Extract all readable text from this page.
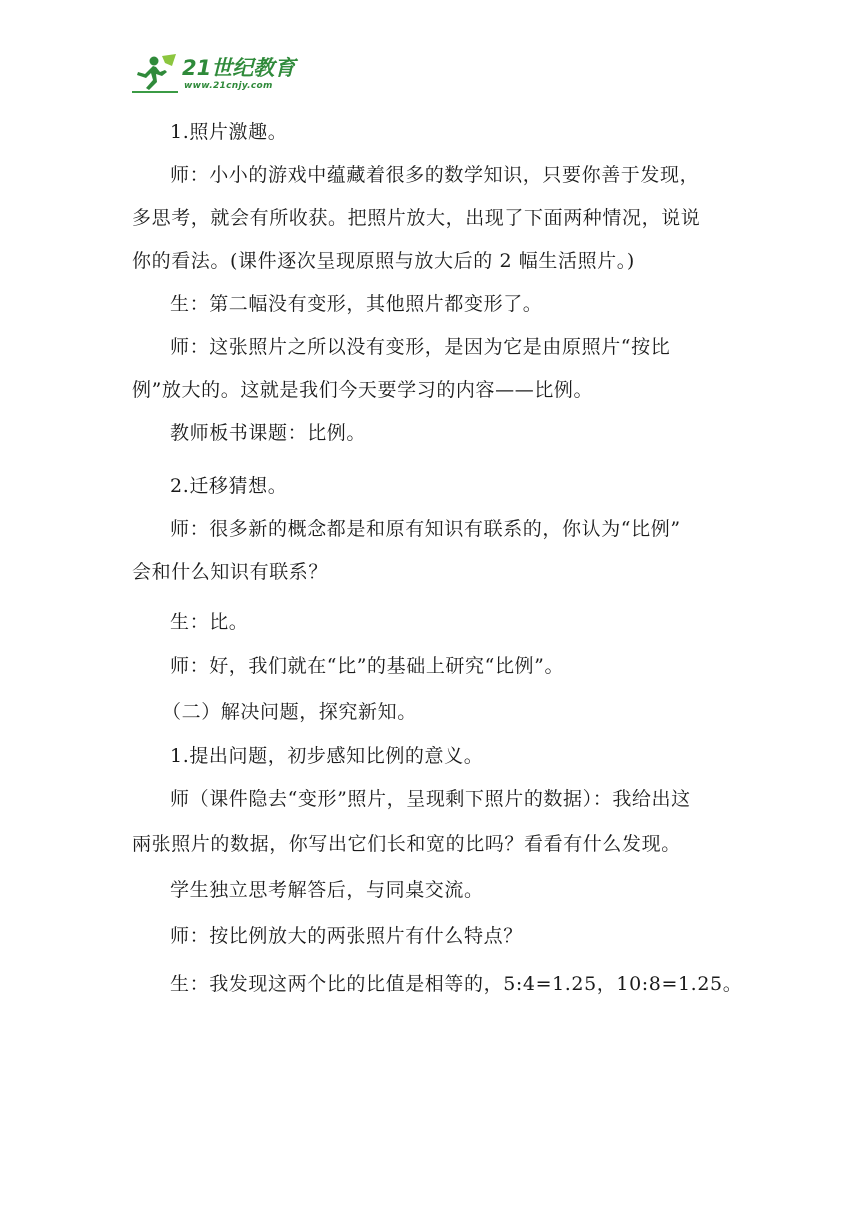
21世纪教育
www.21cnjy.com
1.照片激趣。
师：小小的游戏中蕴藏着很多的数学知识，只要你善于发现，
多思考，就会有所收获。把照片放大，出现了下面两种情况，说说
你的看法。(课件逐次呈现原照与放大后的 2 幅生活照片。)
生：第二幅没有变形，其他照片都变形了。
师：这张照片之所以没有变形，是因为它是由原照片“按比
例”放大的。这就是我们今天要学习的内容——比例。
教师板书课题：比例。
2.迁移猜想。
师：很多新的概念都是和原有知识有联系的，你认为“比例”
会和什么知识有联系？
生：比。
师：好，我们就在“比”的基础上研究“比例”。
（二）解决问题，探究新知。
1.提出问题，初步感知比例的意义。
师（课件隐去“变形”照片，呈现剩下照片的数据）：我给出这
兩张照片的数据，你写出它们长和宽的比吗？看看有什么发现。
学生独立思考解答后，与同桌交流。
师：按比例放大的两张照片有什么特点？
生：我发现这两个比的比值是相等的，5:4=1.25，10:8=1.25。
